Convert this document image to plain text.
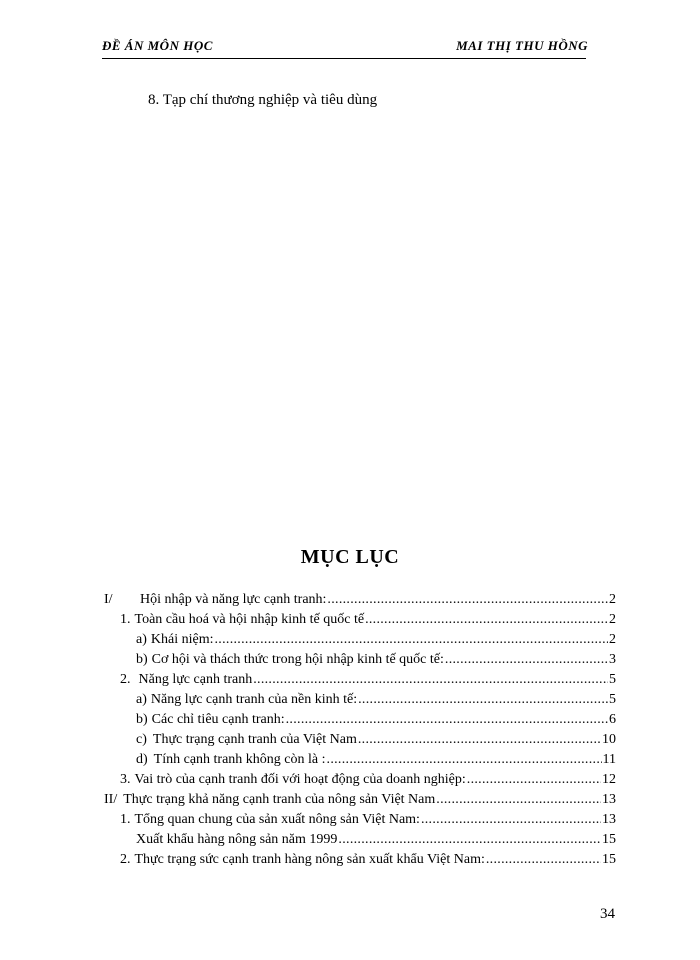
ĐỀ ÁN MÔN HỌC	MAI THỊ THU HỒNG
8. Tạp chí thương nghiệp và tiêu dùng
MỤC LỤC
I/	Hội nhập và năng lực cạnh tranh: .....	2
1. Toàn cầu hoá và hội nhập kinh tế quốc tế .....	2
a) Khái niệm: .....	2
b) Cơ hội và thách thức trong hội nhập kinh tế quốc tế: .....	3
2. Năng lực cạnh tranh .....	5
a) Năng lực cạnh tranh của nền kinh tế: .....	5
b) Các chỉ tiêu cạnh tranh: .....	6
c) Thực trạng cạnh tranh của Việt Nam .....	10
d) Tính cạnh tranh không còn là : .....	11
3. Vai trò của cạnh tranh đối với hoạt động của doanh nghiệp: .....	12
II/ Thực trạng khả năng cạnh tranh của nông sản Việt Nam .....	13
1. Tổng quan chung của sản xuất nông sản Việt Nam: .....	13
Xuất khẩu hàng nông sản năm 1999 .....	15
2. Thực trạng sức cạnh tranh hàng nông sản xuất khẩu Việt Nam: .....	15
34
